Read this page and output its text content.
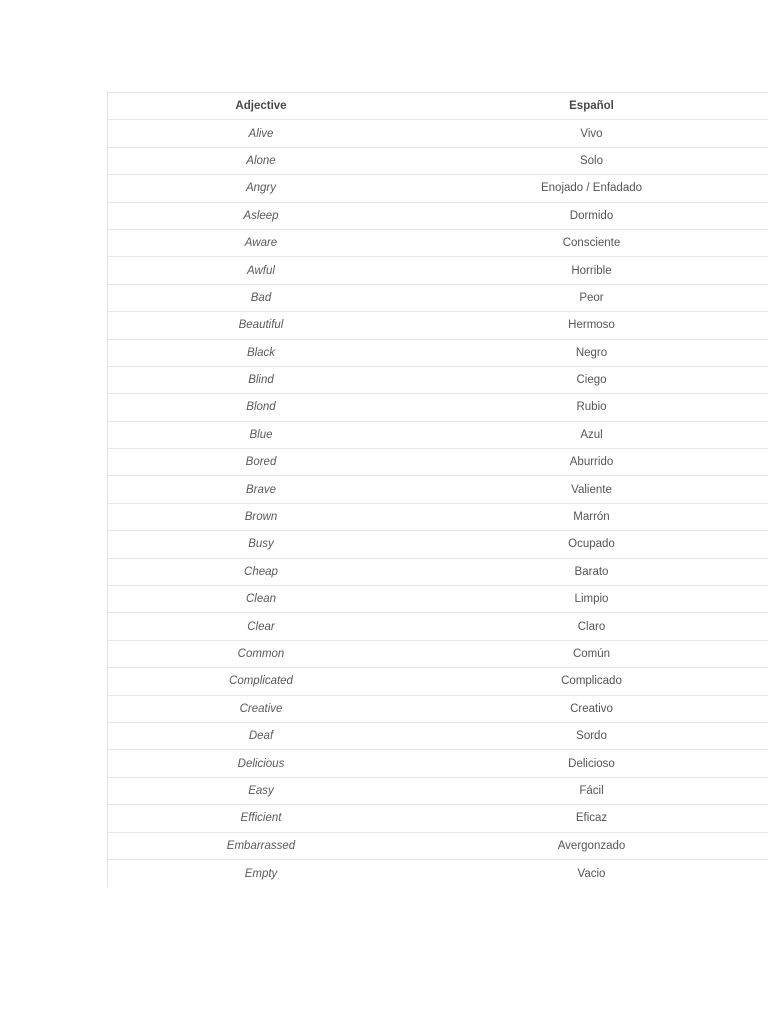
Adjective	Español
Alive	Vivo
Alone	Solo
Angry	Enojado / Enfadado
Asleep	Dormido
Aware	Consciente
Awful	Horrible
Bad	Peor
Beautiful	Hermoso
Black	Negro
Blind	Ciego
Blond	Rubio
Blue	Azul
Bored	Aburrido
Brave	Valiente
Brown	Marrón
Busy	Ocupado
Cheap	Barato
Clean	Limpio
Clear	Claro
Common	Común
Complicated	Complicado
Creative	Creativo
Deaf	Sordo
Delicious	Delicioso
Easy	Fácil
Efficient	Eficaz
Embarrassed	Avergonzado
Empty	Vacio
